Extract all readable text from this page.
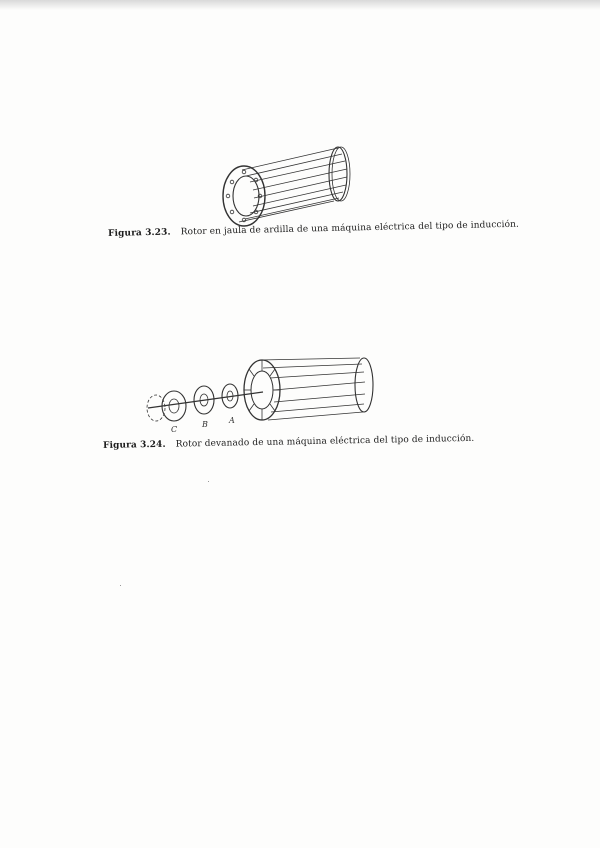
Figura 3.23. Rotor en jaula de ardilla de una máquina eléctrica del tipo de inducción.
C
B	A
Figura 3.24. Rotor devanado de una máquina eléctrica del tipo de inducción.
